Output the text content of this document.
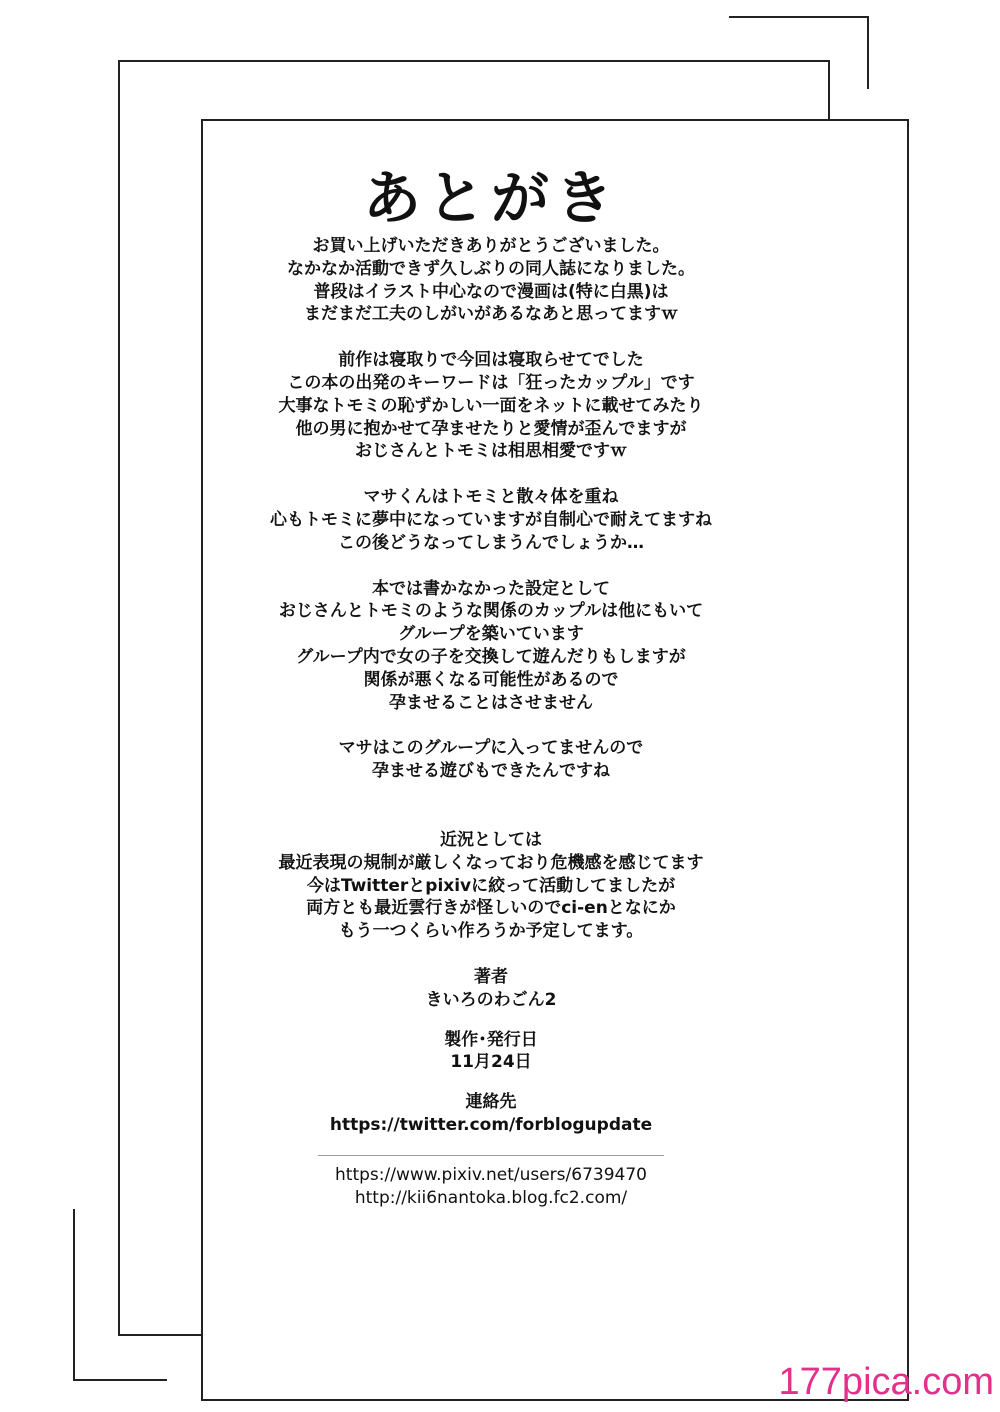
あとがき
お買い上げいただきありがとうございました。
なかなか活動できず久しぶりの同人誌になりました。
普段はイラスト中心なので漫画は(特に白黒)は
まだまだ工夫のしがいがあるなあと思ってますｗ
前作は寝取りで今回は寝取らせてでした
この本の出発のキーワードは「狂ったカップル」です
大事なトモミの恥ずかしい一面をネットに載せてみたり
他の男に抱かせて孕ませたりと愛情が歪んでますが
おじさんとトモミは相思相愛ですｗ
マサくんはトモミと散々体を重ね
心もトモミに夢中になっていますが自制心で耐えてますね
この後どうなってしまうんでしょうか…
本では書かなかった設定として
おじさんとトモミのような関係のカップルは他にもいて
グループを築いています
グループ内で女の子を交換して遊んだりもしますが
関係が悪くなる可能性があるので
孕ませることはさせません
マサはこのグループに入ってませんので
孕ませる遊びもできたんですね
近況としては
最近表現の規制が厳しくなっており危機感を感じてます
今はTwitterとpixivに絞って活動してましたが
両方とも最近雲行きが怪しいのでci-enとなにか
もう一つくらい作ろうか予定してます。
著者
きいろのわごん2
製作･発行日
11月24日
連絡先
https://twitter.com/forblogupdate
https://www.pixiv.net/users/6739470
http://kii6nantoka.blog.fc2.com/
177pica.com
